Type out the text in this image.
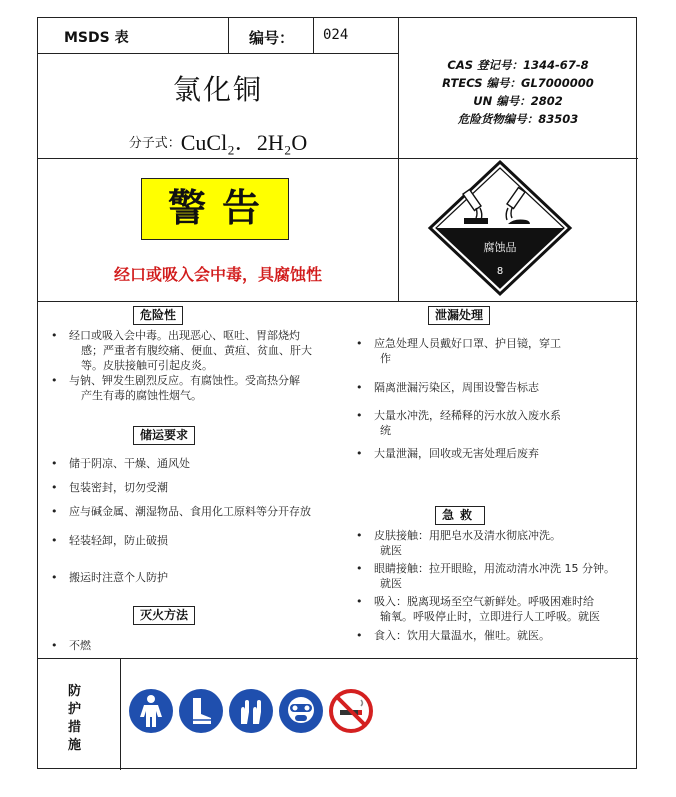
MSDS 表	编号： 024
氯化铜
分子式：CuCl₂．2H₂O
CAS 登记号：1344-67-8
RTECS 编号：GL7000000
UN 编号：2802
危险货物编号：83503
警告
经口或吸入会中毒，具腐蚀性
腐蚀品
8
危险性
• 经口或吸入会中毒。出现恶心、呕吐、胃部烧灼
感；严重者有腹绞痛、便血、黄疸、贫血、肝大
等。皮肤接触可引起皮炎。
• 与钠、钾发生剧烈反应。有腐蚀性。受高热分解
产生有毒的腐蚀性烟气。
储运要求
• 储于阴凉、干燥、通风处
• 包装密封，切勿受潮
• 应与碱金属、潮湿物品、食用化工原料等分开存放
• 轻装轻卸，防止破损
• 搬运时注意个人防护
灭火方法
• 不燃
泄漏处理
• 应急处理人员戴好口罩、护目镜，穿工
作
• 隔离泄漏污染区，周围设警告标志
• 大量水冲洗，经稀释的污水放入废水系
统
• 大量泄漏，回收或无害处理后废弃
急救
• 皮肤接触：用肥皂水及清水彻底冲洗。
就医
• 眼睛接触：拉开眼睑，用流动清水冲洗 15 分钟。
就医
• 吸入：脱离现场至空气新鲜处。呼吸困难时给
输氧。呼吸停止时，立即进行人工呼吸。就医
• 食入：饮用大量温水，催吐。就医。
防护措施
